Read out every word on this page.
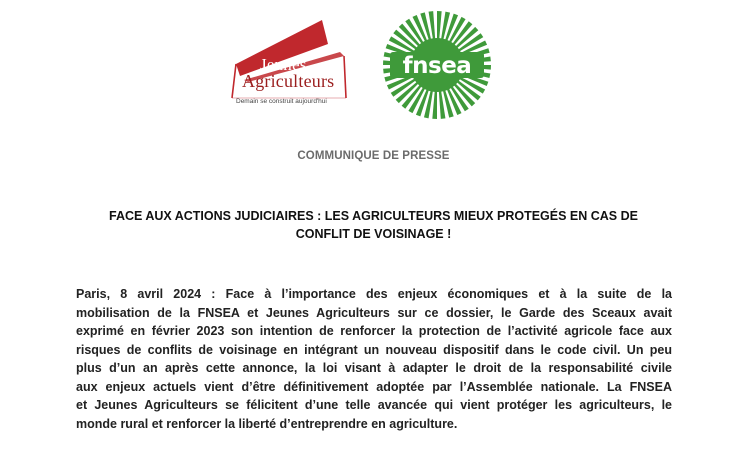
Jeunes
Agriculteurs
Demain se construit aujourd'hui
fnsea
COMMUNIQUE DE PRESSE
FACE AUX ACTIONS JUDICIAIRES : LES AGRICULTEURS MIEUX PROTEGÉS EN CAS DE
CONFLIT DE VOISINAGE !
Paris, 8 avril 2024 : Face à l’importance des enjeux économiques et à la suite de la
mobilisation de la FNSEA et Jeunes Agriculteurs sur ce dossier, le Garde des Sceaux avait
exprimé en février 2023 son intention de renforcer la protection de l’activité agricole face aux
risques de conflits de voisinage en intégrant un nouveau dispositif dans le code civil. Un peu
plus d’un an après cette annonce, la loi visant à adapter le droit de la responsabilité civile
aux enjeux actuels vient d’être définitivement adoptée par l’Assemblée nationale. La FNSEA
et Jeunes Agriculteurs se félicitent d’une telle avancée qui vient protéger les agriculteurs, le
monde rural et renforcer la liberté d’entreprendre en agriculture.
